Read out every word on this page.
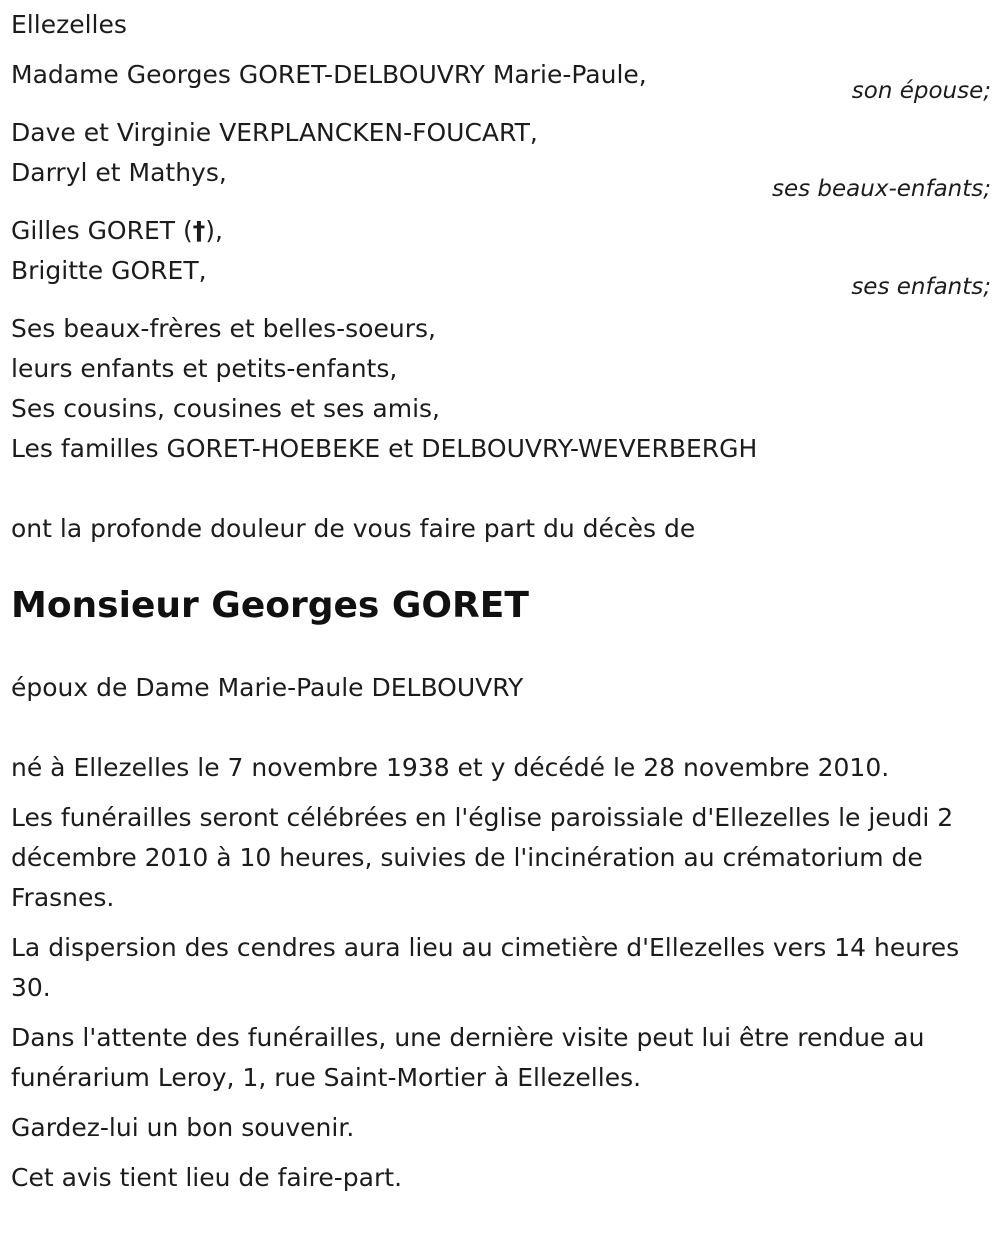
Ellezelles
Madame Georges GORET-DELBOUVRY Marie-Paule,
son épouse;
Dave et Virginie VERPLANCKEN-FOUCART,
Darryl et Mathys,
ses beaux-enfants;
Gilles GORET (†),
Brigitte GORET,
ses enfants;
Ses beaux-frères et belles-soeurs,
leurs enfants et petits-enfants,
Ses cousins, cousines et ses amis,
Les familles GORET-HOEBEKE et DELBOUVRY-WEVERBERGH
ont la profonde douleur de vous faire part du décès de
Monsieur Georges GORET
époux de Dame Marie-Paule DELBOUVRY
né à Ellezelles le 7 novembre 1938 et y décédé le 28 novembre 2010.
Les funérailles seront célébrées en l'église paroissiale d'Ellezelles le jeudi 2 décembre 2010 à 10 heures, suivies de l'incinération au crématorium de Frasnes.
La dispersion des cendres aura lieu au cimetière d'Ellezelles vers 14 heures 30.
Dans l'attente des funérailles, une dernière visite peut lui être rendue au funérarium Leroy, 1, rue Saint-Mortier à Ellezelles.
Gardez-lui un bon souvenir.
Cet avis tient lieu de faire-part.
